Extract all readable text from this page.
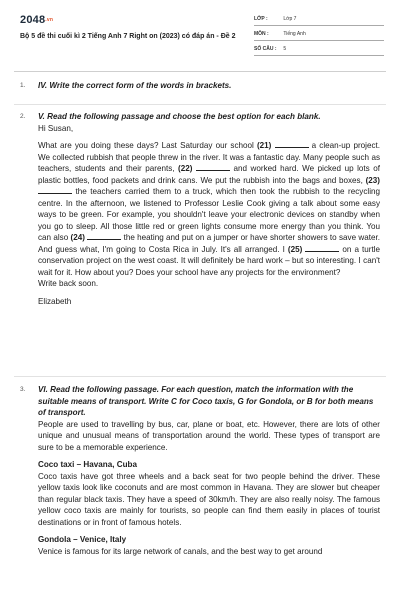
2048.vn
Bộ 5 đề thi cuối kì 2 Tiếng Anh 7 Right on (2023) có đáp án - Đề 2
LỚP :	Lớp 7
MÔN :	Tiếng Anh
SỐ CÂU : 5
1. IV. Write the correct form of the words in brackets.
2. V. Read the following passage and choose the best option for each blank.
Hi Susan,
What are you doing these days? Last Saturday our school (21)	a clean-up project. We collected rubbish that people threw in the river. It was a fantastic day. Many people such as teachers, students and their parents, (22)	and worked hard. We picked up lots of plastic bottles, food packets and drink cans. We put the rubbish into the bags and boxes, (23)  the teachers carried them to a truck, which then took the rubbish to the recycling centre. In the afternoon, we listened to Professor Leslie Cook giving a talk about some easy ways to be green. For example, you shouldn't leave your electronic devices on standby when you go to sleep. All those little red or green lights consume more energy than you think. You can also (24)	the heating and put on a jumper or have shorter showers to save water. And guess what, I'm going to Costa Rica in July. It's all arranged. I (25)	on a turtle conservation project on the west coast. It will definitely be hard work – but so interesting. I can't wait for it. How about you? Does your school have any projects for the environment?
Write back soon.
Elizabeth
3. VI. Read the following passage. For each question, match the information with the suitable means of transport. Write C for Coco taxis, G for Gondola, or B for both means of transport.
People are used to travelling by bus, car, plane or boat, etc. However, there are lots of other unique and unusual means of transportation around the world. These types of transport are sure to be a memorable experience.
Coco taxi – Havana, Cuba
Coco taxis have got three wheels and a back seat for two people behind the driver. These yellow taxis look like coconuts and are most common in Havana. They are slower but cheaper than regular black taxis. They have a speed of 30km/h. They are also really noisy. The famous yellow coco taxis are mainly for tourists, so people can find them easily in places of tourist destinations or in front of famous hotels.
Gondola – Venice, Italy
Venice is famous for its large network of canals, and the best way to get around
